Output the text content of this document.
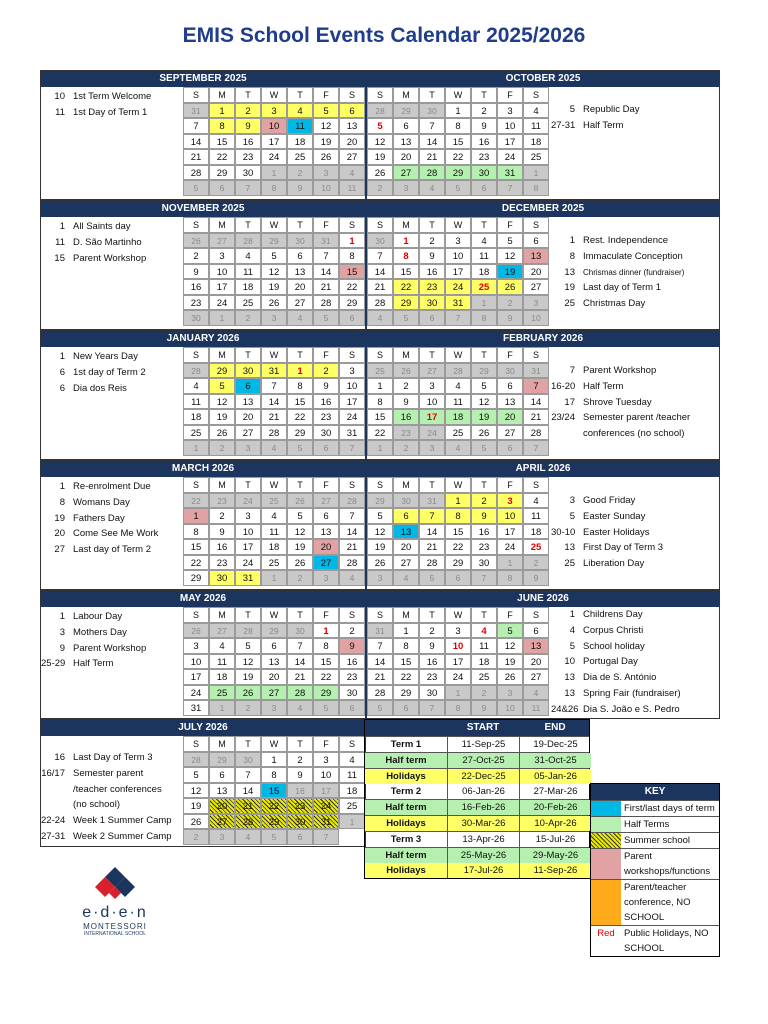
EMIS School Events Calendar 2025/2026
SEPTEMBER 2025
S	M	T	W	T	F	S
31	1	2	3	4	5	6
7	8	9	10	11	12	13
14	15	16	17	18	19	20
21	22	23	24	25	26	27
28	29	30	1	2	3	4
5	6	7	8	9	10	11
10 1st Term Welcome
11 1st Day of Term 1
OCTOBER 2025
S	M	T	W	T	F	S
28	29	30	1	2	3	4
5	6	7	8	9	10	11
12	13	14	15	16	17	18
19	20	21	22	23	24	25
26	27	28	29	30	31	1
2	3	4	5	6	7	8
5 Republic Day
27-31 Half Term
NOVEMBER 2025
S	M	T	W	T	F	S
26	27	28	29	30	31	1
2	3	4	5	6	7	8
9	10	11	12	13	14	15
16	17	18	19	20	21	22
23	24	25	26	27	28	29
30	1	2	3	4	5	6
1 All Saints day
11 D. São Martinho
15 Parent Workshop
DECEMBER 2025
S	M	T	W	T	F	S
30	1	2	3	4	5	6
7	8	9	10	11	12	13
14	15	16	17	18	19	20
21	22	23	24	25	26	27
28	29	30	31	1	2	3
4	5	6	7	8	9	10
1 Rest. Independence
8 Immaculate Conception
13 Chrismas dinner (fundraiser)
19 Last day of Term 1
25 Christmas Day
JANUARY 2026
S	M	T	W	T	F	S
28	29	30	31	1	2	3
4	5	6	7	8	9	10
11	12	13	14	15	16	17
18	19	20	21	22	23	24
25	26	27	28	29	30	31
1	2	3	4	5	6	7
1 New Years Day
6 1st day of Term 2
6 Dia dos Reis
FEBRUARY 2026
S	M	T	W	T	F	S
25	26	27	28	29	30	31
1	2	3	4	5	6	7
8	9	10	11	12	13	14
15	16	17	18	19	20	21
22	23	24	25	26	27	28
1	2	3	4	5	6	7
7 Parent Workshop
16-20 Half Term
17 Shrove Tuesday
23/24 Semester parent /teacher
conferences (no school)
MARCH 2026
S	M	T	W	T	F	S
22	23	24	25	26	27	28
1	2	3	4	5	6	7
8	9	10	11	12	13	14
15	16	17	18	19	20	21
22	23	24	25	26	27	28
29	30	31	1	2	3	4
1 Re-enrolment Due
8 Womans Day
19 Fathers Day
20 Come See Me Work
27 Last day of Term 2
APRIL 2026
S	M	T	W	T	F	S
29	30	31	1	2	3	4
5	6	7	8	9	10	11
12	13	14	15	16	17	18
19	20	21	22	23	24	25
26	27	28	29	30	1	2
3	4	5	6	7	8	9
3 Good Friday
5 Easter Sunday
30-10 Easter Holidays
13 First Day of Term 3
25 Liberation Day
MAY 2026
S	M	T	W	T	F	S
26	27	28	29	30	1	2
3	4	5	6	7	8	9
10	11	12	13	14	15	16
17	18	19	20	21	22	23
24	25	26	27	28	29	30
31	1	2	3	4	5	6
1 Labour Day
3 Mothers Day
9 Parent Workshop
25-29 Half Term
JUNE 2026
S	M	T	W	T	F	S
31	1	2	3	4	5	6
7	8	9	10	11	12	13
14	15	16	17	18	19	20
21	22	23	24	25	26	27
28	29	30	1	2	3	4
5	6	7	8	9	10	11
1 Childrens Day
4 Corpus Christi
5 School holiday
10 Portugal Day
13 Dia de S. António
13 Spring Fair (fundraiser)
24&26 Dia S. João e S. Pedro
JULY 2026
S	M	T	W	T	F	S
28	29	30	1	2	3	4
5	6	7	8	9	10	11
12	13	14	15	16	17	18
19	20	21	22	23	24	25
26	27	28	29	30	31	1
2	3	4	5	6	7
16 Last Day of Term 3
16/17 Semester parent
/teacher conferences
(no school)
22-24 Week 1 Summer Camp
27-31 Week 2 Summer Camp
START	END
Term 1	11-Sep-25	19-Dec-25
Half term	27-Oct-25	31-Oct-25
Holidays	22-Dec-25	05-Jan-26
Term 2	06-Jan-26	27-Mar-26
Half term	16-Feb-26	20-Feb-26
Holidays	30-Mar-26	10-Apr-26
Term 3	13-Apr-26	15-Jul-26
Half term	25-May-26	29-May-26
Holidays	17-Jul-26	11-Sep-26
KEY
First/last days of term
Half Terms
Summer school
Parent workshops/functions
Parent/teacher conference, NO SCHOOL
Red Public Holidays, NO SCHOOL
e·d·e·n
MONTESSORI
INTERNATIONAL SCHOOL
